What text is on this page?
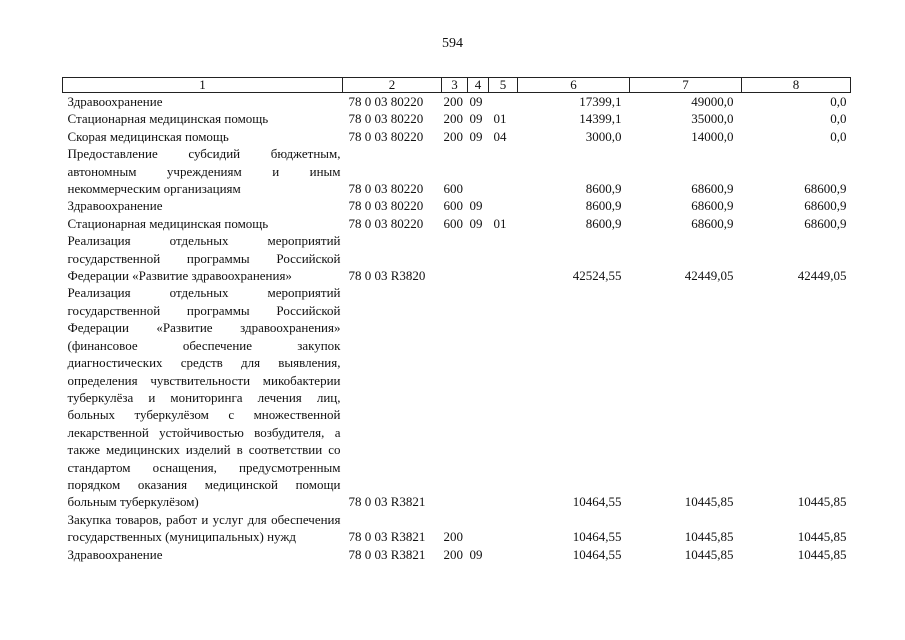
594
1	2	3	4	5	6	7	8
Здравоохранение	78 0 03 80220	200	09		17399,1	49000,0	0,0
Стационарная медицинская помощь	78 0 03 80220	200	09	01	14399,1	35000,0	0,0
Скорая медицинская помощь	78 0 03 80220	200	09	04	3000,0	14000,0	0,0
Предоставление субсидий бюджетным, автономным учреждениям и иным некоммерческим организациям	78 0 03 80220	600			8600,9	68600,9	68600,9
Здравоохранение	78 0 03 80220	600	09		8600,9	68600,9	68600,9
Стационарная медицинская помощь	78 0 03 80220	600	09	01	8600,9	68600,9	68600,9
Реализация отдельных мероприятий государственной программы Российской Федерации «Развитие здравоохранения»	78 0 03 R3820				42524,55	42449,05	42449,05
Реализация отдельных мероприятий государственной программы Российской Федерации «Развитие здравоохранения» (финансовое обеспечение закупок диагностических средств для выявления, определения чувствительности микобактерии туберкулёза и мониторинга лечения лиц, больных туберкулёзом с множественной лекарственной устойчивостью возбудителя, а также медицинских изделий в соответствии со стандартом оснащения, предусмотренным порядком оказания медицинской помощи больным туберкулёзом)	78 0 03 R3821				10464,55	10445,85	10445,85
Закупка товаров, работ и услуг для обеспечения государственных (муниципальных) нужд	78 0 03 R3821	200			10464,55	10445,85	10445,85
Здравоохранение	78 0 03 R3821	200	09		10464,55	10445,85	10445,85
